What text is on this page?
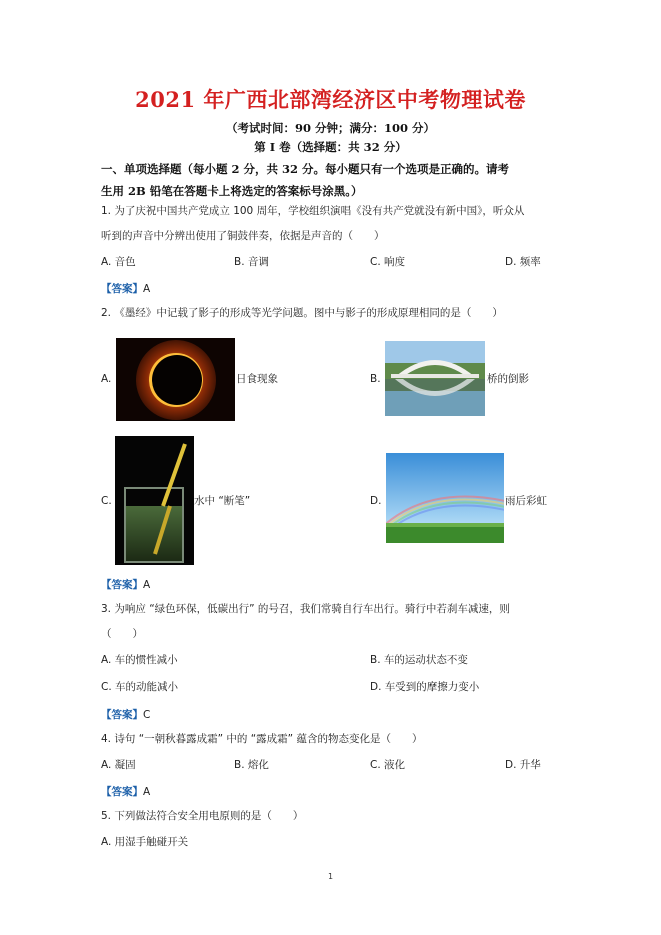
2021 年广西北部湾经济区中考物理试卷
（考试时间：90 分钟；满分：100 分）
第 I 卷（选择题：共 32 分）
一、单项选择题（每小题 2 分，共 32 分。每小题只有一个选项是正确的。请考
生用 2B 铅笔在答题卡上将选定的答案标号涂黑。）
1. 为了庆祝中国共产党成立 100 周年，学校组织演唱《没有共产党就没有新中国》，听众从
听到的声音中分辨出使用了铜鼓伴奏，依据是声音的（　　）
A. 音色	B. 音调	C. 响度	D. 频率
【答案】A
2. 《墨经》中记载了影子的形成等光学问题。图中与影子的形成原理相同的是（　　）
A.	日食现象	B.	桥的倒影
C.	水中 “断笔”	D.	雨后彩虹
【答案】A
3. 为响应 “绿色环保，低碳出行” 的号召，我们常骑自行车出行。骑行中若刹车减速，则
（　　）
A. 车的惯性减小	B. 车的运动状态不变
C. 车的动能减小	D. 车受到的摩擦力变小
【答案】C
4. 诗句 “一朝秋暮露成霜” 中的 “露成霜” 蕴含的物态变化是（　　）
A. 凝固	B. 熔化	C. 液化	D. 升华
【答案】A
5. 下列做法符合安全用电原则的是（　　）
A. 用湿手触碰开关
1
